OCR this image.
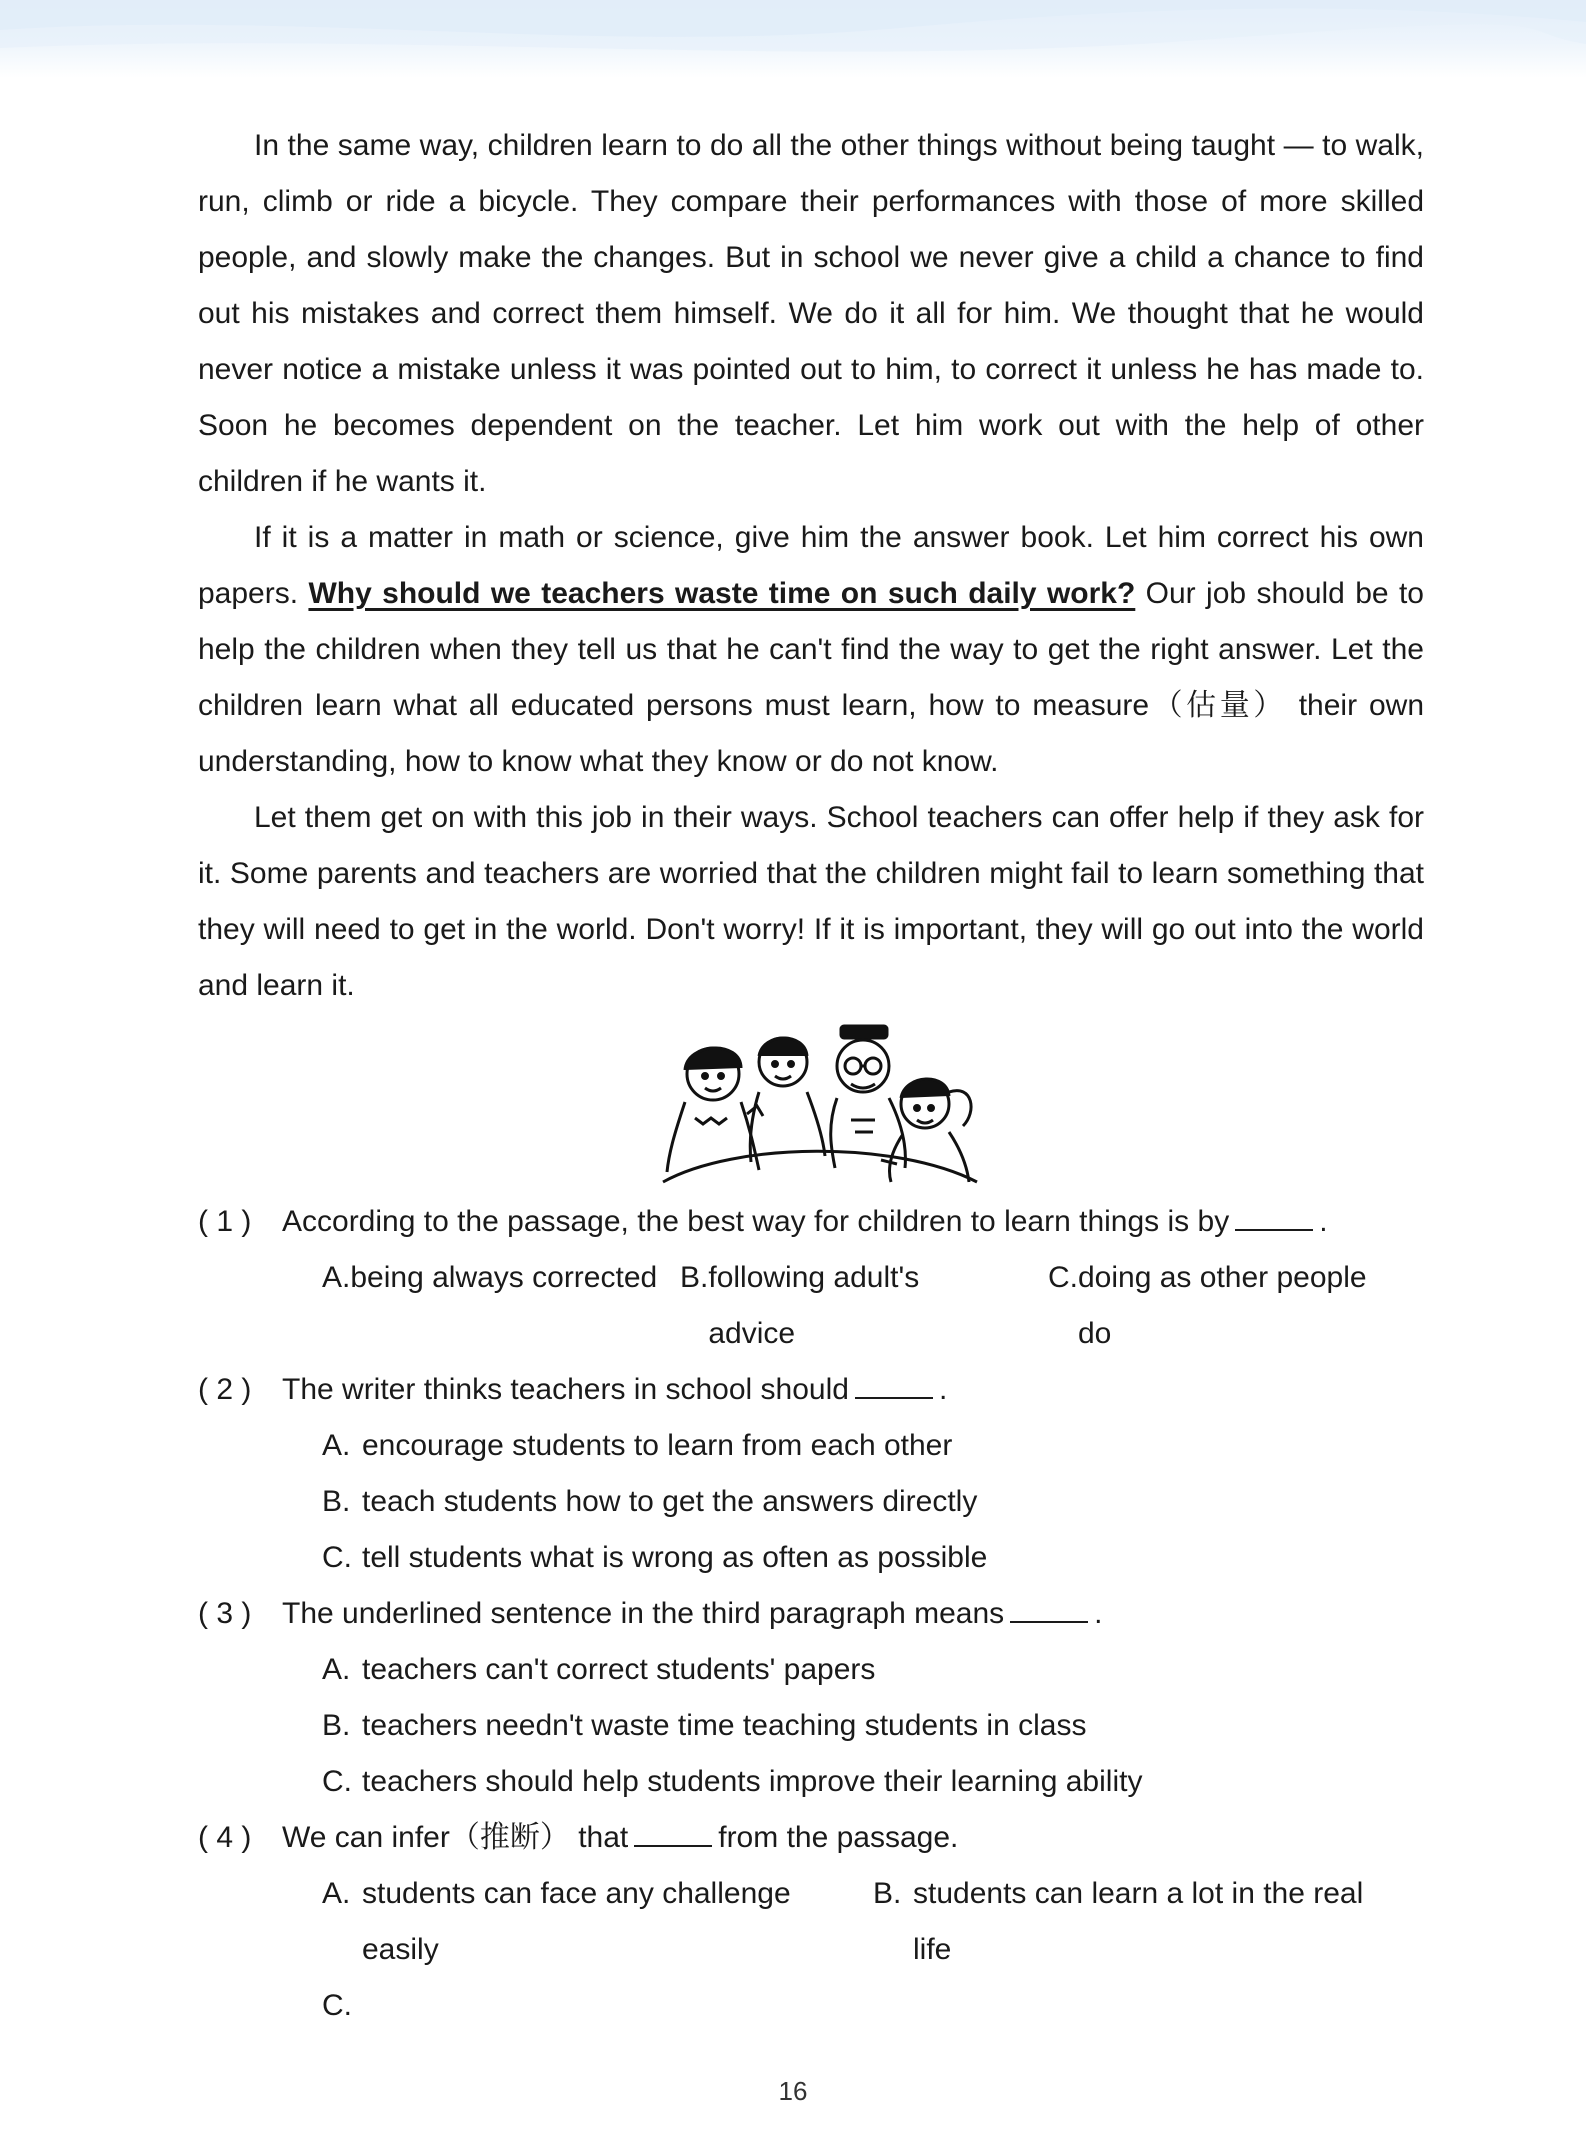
In the same way, children learn to do all the other things without being taught — to walk, run, climb or ride a bicycle. They compare their performances with those of more skilled people, and slowly make the changes. But in school we never give a child a chance to find out his mistakes and correct them himself. We do it all for him. We thought that he would never notice a mistake unless it was pointed out to him, to correct it unless he has made to. Soon he becomes dependent on the teacher. Let him work out with the help of other children if he wants it.

If it is a matter in math or science, give him the answer book. Let him correct his own papers. Why should we teachers waste time on such daily work? Our job should be to help the children when they tell us that he can't find the way to get the right answer. Let the children learn what all educated persons must learn, how to measure（估量） their own understanding, how to know what they know or do not know.

Let them get on with this job in their ways. School teachers can offer help if they ask for it. Some parents and teachers are worried that the children might fail to learn something that they will need to get in the world. Don't worry! If it is important, they will go out into the world and learn it.

( 1 ) According to the passage, the best way for children to learn things is by	.

A. being always corrected B. following adult's advice
C. doing as other people do

( 2 ) The writer thinks teachers in school should	.

A. encourage students to learn from each other
B. teach students how to get the answers directly
C. tell students what is wrong as often as possible

( 3 ) The underlined sentence in the third paragraph means	.

A. teachers can't correct students' papers
B. teachers needn't waste time teaching students in class
C. teachers should help students improve their learning ability

( 4 ) We can infer（推断） that	from the passage.

A. students can face any challenge easily
B. students can learn a lot in the real life
C.
16
